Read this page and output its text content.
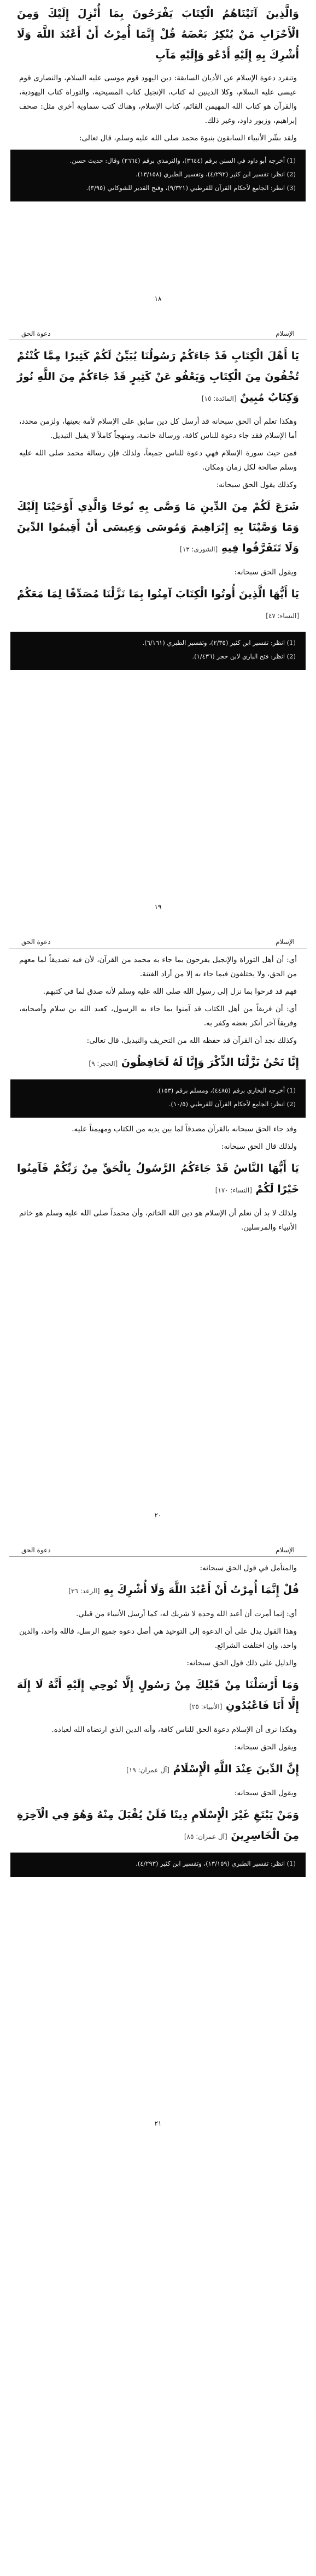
وَالَّذِينَ آتَيْنَاهُمُ الْكِتَابَ يَفْرَحُونَ بِمَا أُنْزِلَ إِلَيْكَ وَمِنَ الْأَحْزَابِ مَنْ يُنْكِرُ بَعْضَهُ قُلْ إِنَّمَا أُمِرْتُ أَنْ أَعْبُدَ اللَّهَ وَلَا أُشْرِكَ بِهِ إِلَيْهِ أَدْعُو وَإِلَيْهِ مَآبِ

وتنفرد دعوة الإسلام عن الأديان السابقة: دين اليهود قوم موسى عليه السلام، والنصارى قوم عيسى عليه السلام، وكلا الدينين له كتاب، الإنجيل كتاب المسيحية، والتوراة كتاب اليهودية، والقرآن هو كتاب الله المهيمن القائم، كتاب الإسلام، وهناك كتب سماوية أخرى مثل: صحف إبراهيم، وزبور داود، وغير ذلك.

ولقد بشّر الأنبياء السابقون بنبوة محمد صلى الله عليه وسلم، قال تعالى:

(1) أخرجه أبو داود في السنن برقم (٣٦٤٤)، والترمذي برقم (٢٦٦٤) وقال: حديث حسن.

(2) انظر: تفسير ابن كثير (٤/٢٩٢)، وتفسير الطبري (١٣/١٥٨).

(3) انظر: الجامع لأحكام القرآن للقرطبي (٩/٣٢١)، وفتح القدير للشوكاني (٣/٩٥).

١٨
الإسلام
دعوة الحق
يَا أَهْلَ الْكِتَابِ قَدْ جَاءَكُمْ رَسُولُنَا يُبَيِّنُ لَكُمْ كَثِيرًا مِمَّا كُنْتُمْ تُخْفُونَ مِنَ الْكِتَابِ وَيَعْفُو عَنْ كَثِيرٍ قَدْ جَاءَكُمْ مِنَ اللَّهِ نُورٌ وَكِتَابٌ مُبِينٌ [المائدة: ١٥]

وهكذا تعلم أن الحق سبحانه قد أرسل كل دين سابق على الإسلام لأمة بعينها، ولزمن محدد، أما الإسلام فقد جاء دعوة للناس كافة، ورسالة خاتمة، ومنهجاً كاملاً لا يقبل التبديل.

فمن حيث سورة الإسلام فهي دعوة للناس جميعاً، ولذلك فإن رسالة محمد صلى الله عليه وسلم صالحة لكل زمان ومكان.

وكذلك يقول الحق سبحانه:

شَرَعَ لَكُمْ مِنَ الدِّينِ مَا وَصَّى بِهِ نُوحًا وَالَّذِي أَوْحَيْنَا إِلَيْكَ وَمَا وَصَّيْنَا بِهِ إِبْرَاهِيمَ وَمُوسَى وَعِيسَى أَنْ أَقِيمُوا الدِّينَ وَلَا تَتَفَرَّقُوا فِيهِ [الشورى: ١٣]

ويقول الحق سبحانه:

يَا أَيُّهَا الَّذِينَ أُوتُوا الْكِتَابَ آمِنُوا بِمَا نَزَّلْنَا مُصَدِّقًا لِمَا مَعَكُمْ [النساء: ٤٧]

(1) انظر: تفسير ابن كثير (٢/٣٥)، وتفسير الطبري (٦/١٦١).

(2) انظر: فتح الباري لابن حجر (١/٤٣٦).

١٩
الإسلام
دعوة الحق

أي: أن أهل التوراة والإنجيل يفرحون بما جاء به محمد من القرآن، لأن فيه تصديقاً لما معهم من الحق، ولا يختلفون فيما جاء به إلا من أراد الفتنة.

فهم قد فرحوا بما نزل إلى رسول الله صلى الله عليه وسلم لأنه صدق لما في كتبهم.

أي: أن فريقاً من أهل الكتاب قد آمنوا بما جاء به الرسول، كعبد الله بن سلام وأصحابه، وفريقاً آخر أنكر بعضه وكفر به.

وكذلك نجد أن القرآن قد حفظه الله من التحريف والتبديل، قال تعالى:

إِنَّا نَحْنُ نَزَّلْنَا الذِّكْرَ وَإِنَّا لَهُ لَحَافِظُونَ [الحجر: ٩]

(1) أخرجه البخاري برقم (٤٤٨٥)، ومسلم برقم (١٥٣).

(2) انظر: الجامع لأحكام القرآن للقرطبي (١٠/٥).

وقد جاء الحق سبحانه بالقرآن مصدقاً لما بين يديه من الكتاب ومهيمناً عليه.

ولذلك قال الحق سبحانه:

يَا أَيُّهَا النَّاسُ قَدْ جَاءَكُمُ الرَّسُولُ بِالْحَقِّ مِنْ رَبِّكُمْ فَآمِنُوا خَيْرًا لَكُمْ [النساء: ١٧٠]

ولذلك لا بد أن نعلم أن الإسلام هو دين الله الخاتم، وأن محمداً صلى الله عليه وسلم هو خاتم الأنبياء والمرسلين.

٢٠
الإسلام
دعوة الحق

والمتأمل في قول الحق سبحانه:

قُلْ إِنَّمَا أُمِرْتُ أَنْ أَعْبُدَ اللَّهَ وَلَا أُشْرِكَ بِهِ [الرعد: ٣٦]

أي: إنما أمرت أن أعبد الله وحده لا شريك له، كما أرسل الأنبياء من قبلي.

وهذا القول يدل على أن الدعوة إلى التوحيد هي أصل دعوة جميع الرسل، فالله واحد، والدين واحد، وإن اختلفت الشرائع.

والدليل على ذلك قول الحق سبحانه:

وَمَا أَرْسَلْنَا مِنْ قَبْلِكَ مِنْ رَسُولٍ إِلَّا نُوحِي إِلَيْهِ أَنَّهُ لَا إِلَهَ إِلَّا أَنَا فَاعْبُدُونِ [الأنبياء: ٢٥]

وهكذا نرى أن الإسلام دعوة الحق للناس كافة، وأنه الدين الذي ارتضاه الله لعباده.

ويقول الحق سبحانه:

إِنَّ الدِّينَ عِنْدَ اللَّهِ الْإِسْلَامُ [آل عمران: ١٩]

ويقول الحق سبحانه:

وَمَنْ يَبْتَغِ غَيْرَ الْإِسْلَامِ دِينًا فَلَنْ يُقْبَلَ مِنْهُ وَهُوَ فِي الْآخِرَةِ مِنَ الْخَاسِرِينَ [آل عمران: ٨٥]

(1) انظر: تفسير الطبري (١٣/١٥٩)، وتفسير ابن كثير (٤/٢٩٣).

٢١
